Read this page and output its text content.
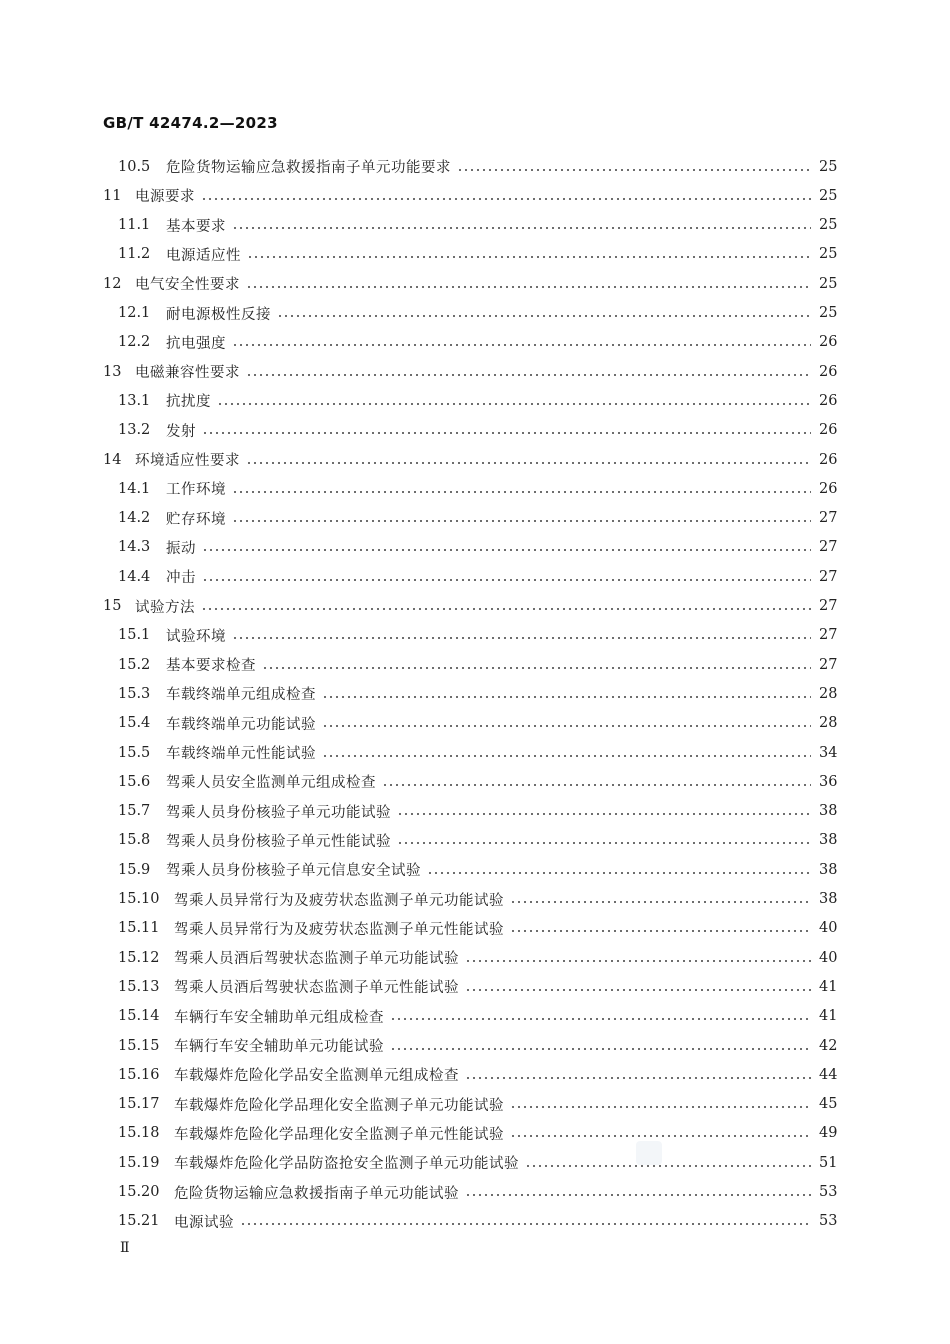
GB/T 42474.2—2023
10.5	危险货物运输应急救援指南子单元功能要求	25
11 电源要求	25
11.1	基本要求	25
11.2	电源适应性	25
12 电气安全性要求	25
12.1	耐电源极性反接	25
12.2	抗电强度	26
13 电磁兼容性要求	26
13.1	抗扰度	26
13.2	发射	26
14 环境适应性要求	26
14.1	工作环境	26
14.2	贮存环境	27
14.3	振动	27
14.4	冲击	27
15 试验方法	27
15.1	试验环境	27
15.2	基本要求检查	27
15.3	车载终端单元组成检查	28
15.4	车载终端单元功能试验	28
15.5	车载终端单元性能试验	34
15.6	驾乘人员安全监测单元组成检查	36
15.7	驾乘人员身份核验子单元功能试验	38
15.8	驾乘人员身份核验子单元性能试验	38
15.9	驾乘人员身份核验子单元信息安全试验	38
15.10 驾乘人员异常行为及疲劳状态监测子单元功能试验	38
15.11 驾乘人员异常行为及疲劳状态监测子单元性能试验	40
15.12 驾乘人员酒后驾驶状态监测子单元功能试验	40
15.13 驾乘人员酒后驾驶状态监测子单元性能试验	41
15.14 车辆行车安全辅助单元组成检查	41
15.15 车辆行车安全辅助单元功能试验	42
15.16 车载爆炸危险化学品安全监测单元组成检查	44
15.17 车载爆炸危险化学品理化安全监测子单元功能试验	45
15.18 车载爆炸危险化学品理化安全监测子单元性能试验	49
15.19 车载爆炸危险化学品防盗抢安全监测子单元功能试验	51
15.20 危险货物运输应急救援指南子单元功能试验	53
15.21 电源试验	53
Ⅱ
